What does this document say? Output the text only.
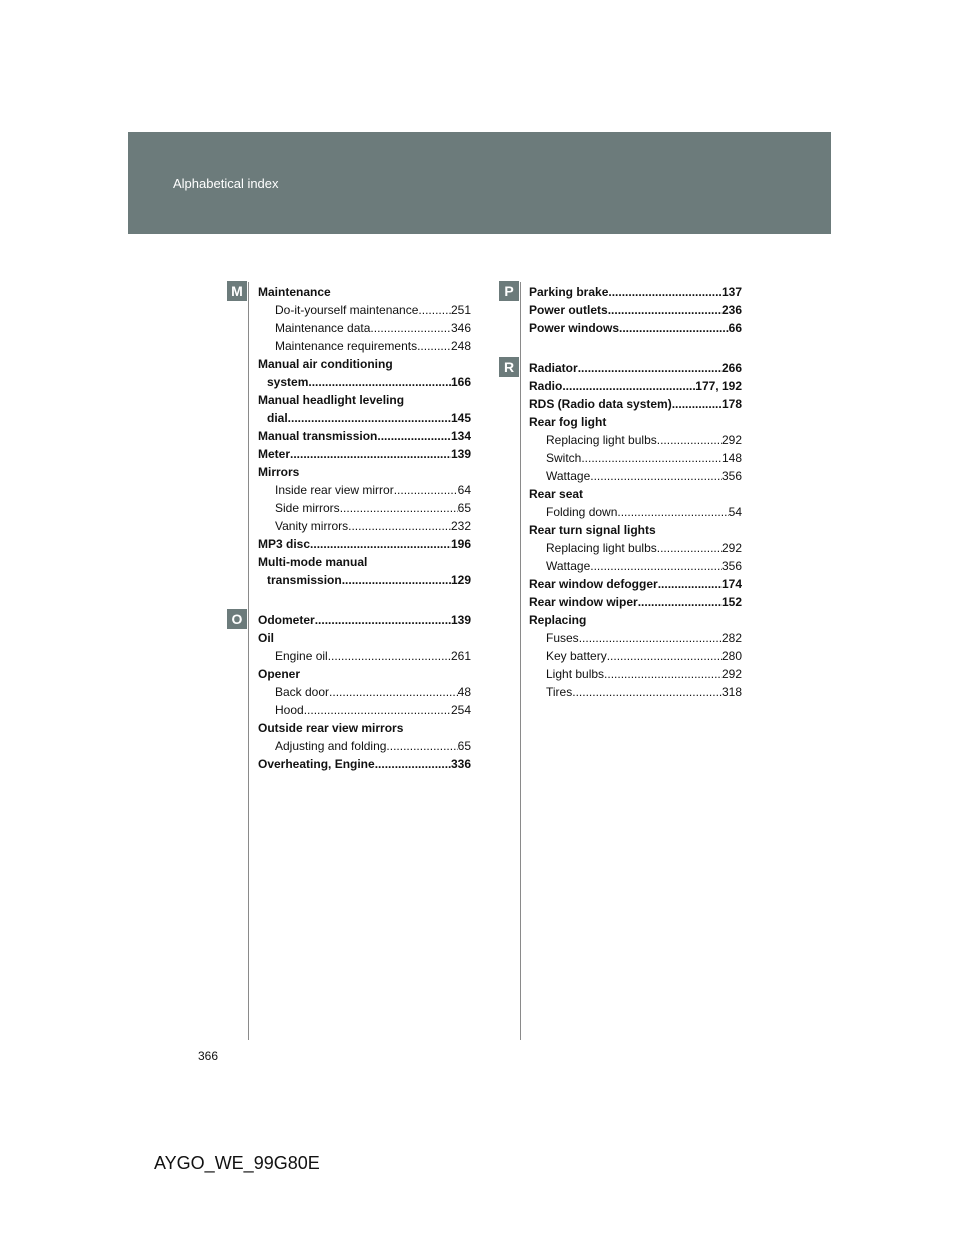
Alphabetical index
M
O
P
R
Maintenance
Do-it-yourself maintenance .....	251
Maintenance data .....	346
Maintenance requirements .....	248
Manual air conditioning
system .....	166
Manual headlight leveling
dial .....	145
Manual transmission .....	134
Meter .....	139
Mirrors
Inside rear view mirror .....	64
Side mirrors .....	65
Vanity mirrors .....	232
MP3 disc .....	196
Multi-mode manual
transmission .....	129
Odometer .....	139
Oil
Engine oil .....	261
Opener
Back door .....	48
Hood .....	254
Outside rear view mirrors
Adjusting and folding .....	65
Overheating, Engine .....	336
Parking brake .....	137
Power outlets .....	236
Power windows .....	66
Radiator .....	266
Radio .....	177, 192
RDS (Radio data system) .....	178
Rear fog light
Replacing light bulbs .....	292
Switch .....	148
Wattage .....	356
Rear seat
Folding down .....	54
Rear turn signal lights
Replacing light bulbs .....	292
Wattage .....	356
Rear window defogger .....	174
Rear window wiper .....	152
Replacing
Fuses .....	282
Key battery .....	280
Light bulbs .....	292
Tires .....	318
366
AYGO_WE_99G80E
